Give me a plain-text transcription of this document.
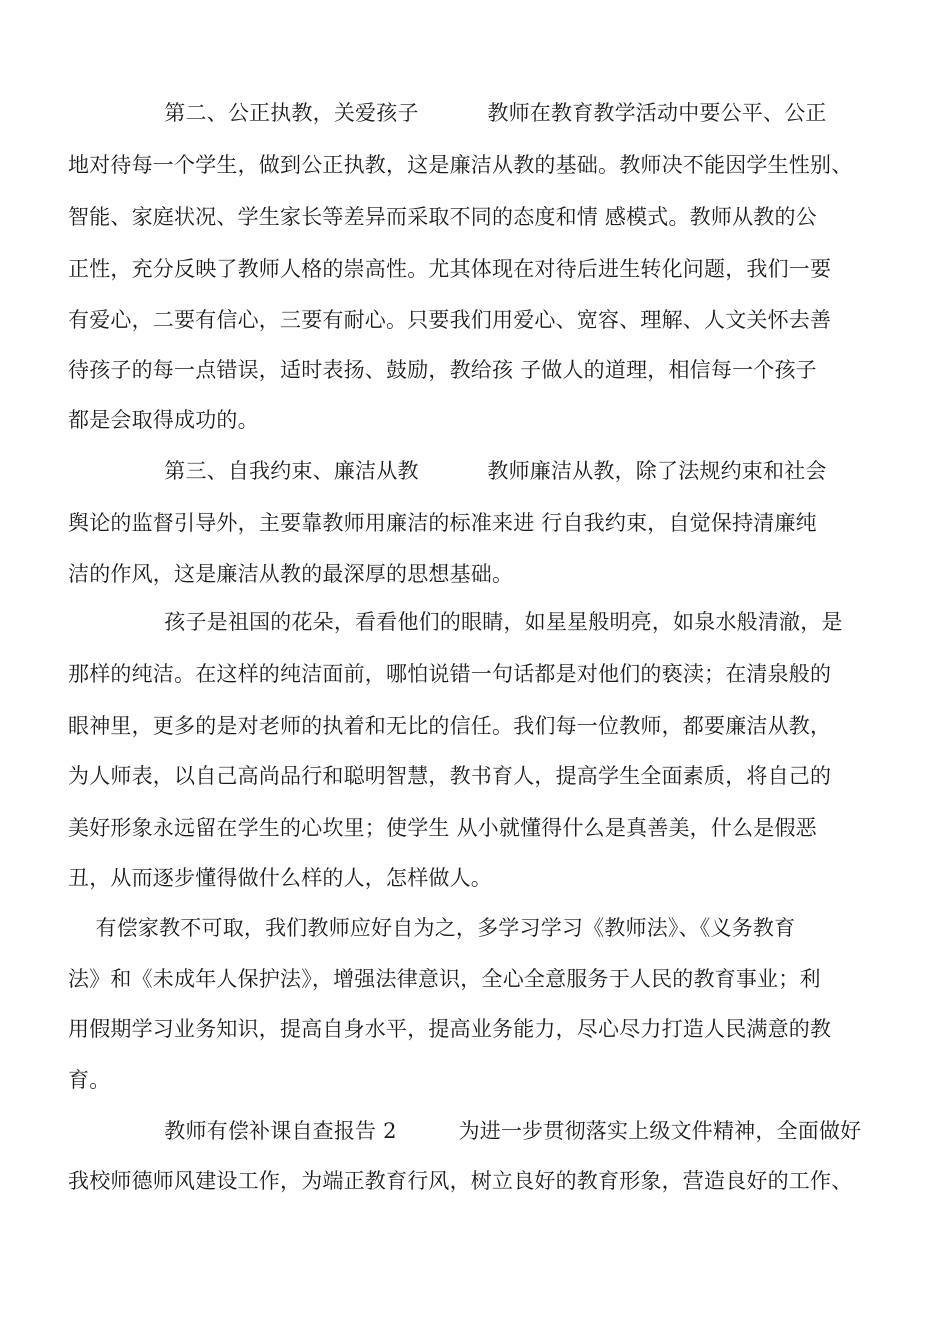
第二、公正执教，关爱孩子          教师在教育教学活动中要公平、公正
地对待每一个学生，做到公正执教，这是廉洁从教的基础。教师决不能因学生性别、
智能、家庭状况、学生家长等差异而采取不同的态度和情 感模式。教师从教的公
正性，充分反映了教师人格的崇高性。尤其体现在对待后进生转化问题，我们一要
有爱心，二要有信心，三要有耐心。只要我们用爱心、宽容、理解、人文关怀去善
待孩子的每一点错误，适时表扬、鼓励，教给孩 子做人的道理，相信每一个孩子
都是会取得成功的。
第三、自我约束、廉洁从教          教师廉洁从教，除了法规约束和社会
舆论的监督引导外，主要靠教师用廉洁的标准来进 行自我约束，自觉保持清廉纯
洁的作风，这是廉洁从教的最深厚的思想基础。
孩子是祖国的花朵，看看他们的眼睛，如星星般明亮，如泉水般清澈，是
那样的纯洁。在这样的纯洁面前，哪怕说错一句话都是对他们的亵渎；在清泉般的
眼神里，更多的是对老师的执着和无比的信任。我们每一位教师，都要廉洁从教，
为人师表，以自己高尚品行和聪明智慧，教书育人，提高学生全面素质，将自己的
美好形象永远留在学生的心坎里；使学生 从小就懂得什么是真善美，什么是假恶
丑，从而逐步懂得做什么样的人，怎样做人。
有偿家教不可取，我们教师应好自为之，多学习学习《教师法》、《义务教育
法》和《未成年人保护法》，增强法律意识，全心全意服务于人民的教育事业；利
用假期学习业务知识，提高自身水平，提高业务能力，尽心尽力打造人民满意的教
育。
教师有偿补课自查报告 2         为进一步贯彻落实上级文件精神，全面做好
我校师德师风建设工作，为端正教育行风，树立良好的教育形象，营造良好的工作、
